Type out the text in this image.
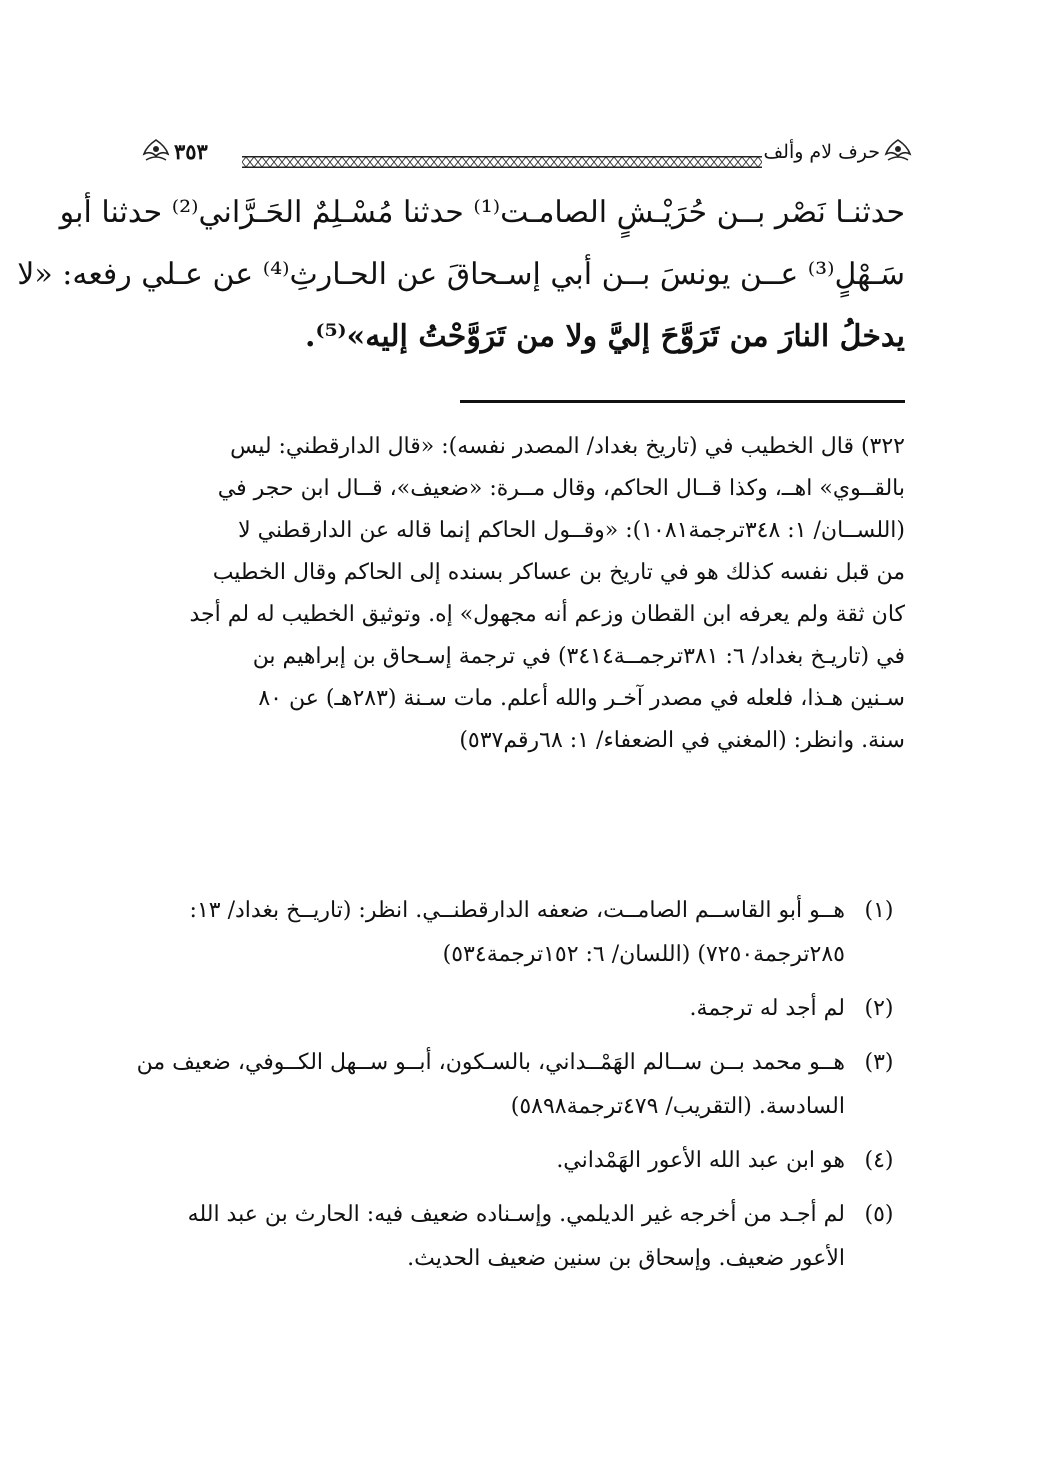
حرف لام وألف
٣٥٣
حدثنـا نَصْر بــن حُرَيْـشٍ الصامـت⁽¹⁾ حدثنا مُسْـلِمٌ الحَـرَّاني⁽²⁾ حدثنا أبو
سَـهْلٍ⁽³⁾ عــن يونسَ بــن أبي إسـحاقَ عن الحـارثِ⁽⁴⁾ عن عـلي رفعه: «لا
يدخلُ النارَ من تَرَوَّحَ إليَّ ولا من تَرَوَّحْتُ إليه»⁽⁵⁾.
٣٢٢) قال الخطيب في (تاريخ بغداد/ المصدر نفسه): «قال الدارقطني: ليس
بالقــوي» اهــ، وكذا قــال الحاكم، وقال مــرة: «ضعيف»، قــال ابن حجر في
(اللســان/ ١: ٣٤٨ترجمة١٠٨١): «وقــول الحاكم إنما قاله عن الدارقطني لا
من قبل نفسه كذلك هو في تاريخ بن عساكر بسنده إلى الحاكم وقال الخطيب
كان ثقة ولم يعرفه ابن القطان وزعم أنه مجهول» إه. وتوثيق الخطيب له لم أجد
في (تاريـخ بغداد/ ٦: ٣٨١ترجمــة٣٤١٤) في ترجمة إسـحاق بن إبراهيم بن
سـنين هـذا، فلعله في مصدر آخـر والله أعلم. مات سـنة (٢٨٣هـ) عن ٨٠
سنة. وانظر: (المغني في الضعفاء/ ١: ٦٨رقم٥٣٧)
(١)
هــو أبو القاســم الصامــت، ضعفه الدارقطنــي. انظر: (تاريــخ بغداد/ ١٣:
٢٨٥ترجمة٧٢٥٠) (اللسان/ ٦: ١٥٢ترجمة٥٣٤)
(٢)
لم أجد له ترجمة.
(٣)
هــو محمد بــن ســالم الهَمْــداني، بالسـكون، أبــو ســهل الكــوفي، ضعيف من
السادسة. (التقريب/ ٤٧٩ترجمة٥٨٩٨)
(٤)
هو ابن عبد الله الأعور الهَمْداني.
(٥)
لم أجـد من أخرجه غير الديلمي. وإسـناده ضعيف فيه: الحارث بن عبد الله
الأعور ضعيف. وإسحاق بن سنين ضعيف الحديث.
